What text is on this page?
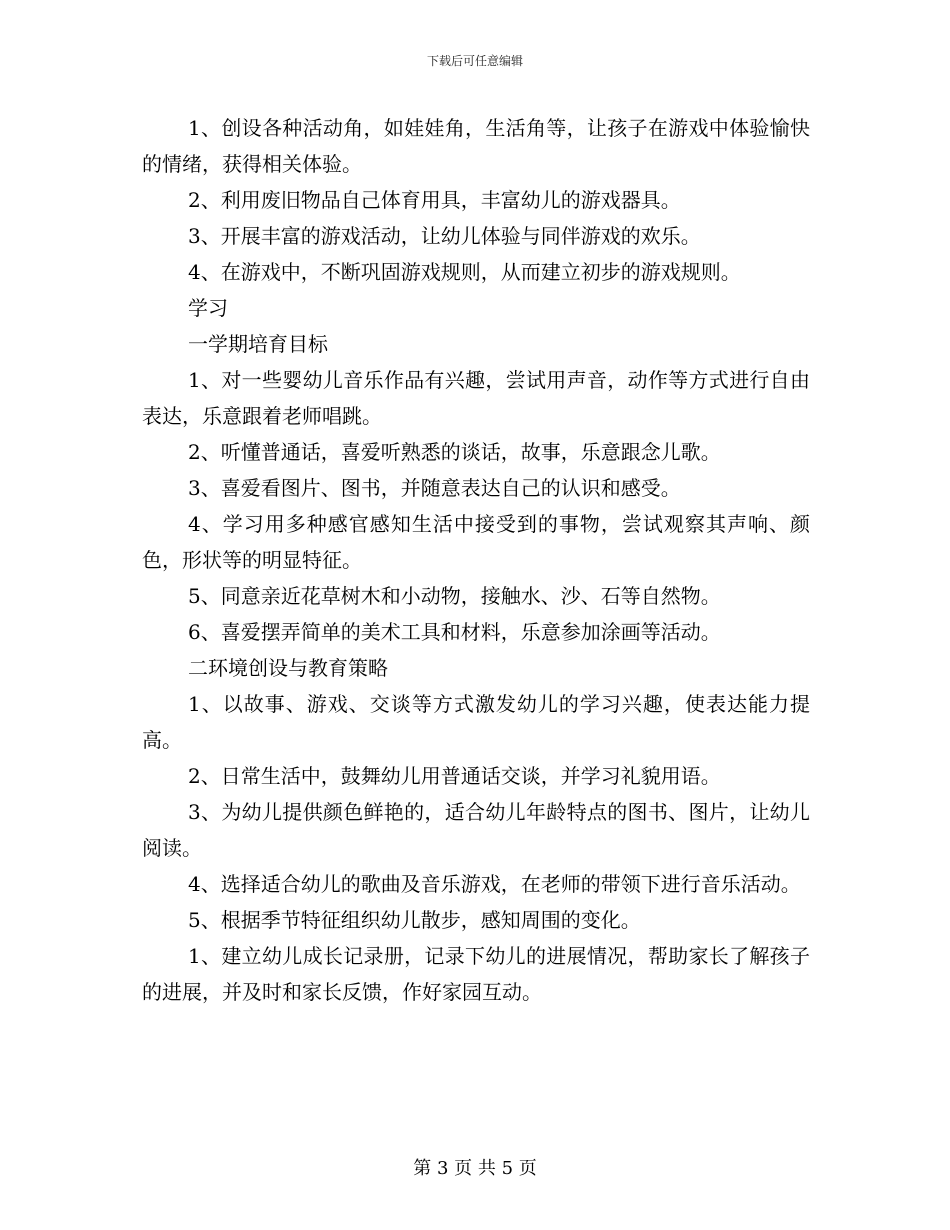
下载后可任意编辑

1、创设各种活动角，如娃娃角，生活角等，让孩子在游戏中体验愉快的情绪，获得相关体验。

2、利用废旧物品自己体育用具，丰富幼儿的游戏器具。

3、开展丰富的游戏活动，让幼儿体验与同伴游戏的欢乐。

4、在游戏中，不断巩固游戏规则，从而建立初步的游戏规则。

学习

一学期培育目标

1、对一些婴幼儿音乐作品有兴趣，尝试用声音，动作等方式进行自由表达，乐意跟着老师唱跳。

2、听懂普通话，喜爱听熟悉的谈话，故事，乐意跟念儿歌。

3、喜爱看图片、图书，并随意表达自己的认识和感受。

4、学习用多种感官感知生活中接受到的事物，尝试观察其声响、颜色，形状等的明显特征。

5、同意亲近花草树木和小动物，接触水、沙、石等自然物。

6、喜爱摆弄简单的美术工具和材料，乐意参加涂画等活动。

二环境创设与教育策略

1、以故事、游戏、交谈等方式激发幼儿的学习兴趣，使表达能力提高。

2、日常生活中，鼓舞幼儿用普通话交谈，并学习礼貌用语。

3、为幼儿提供颜色鲜艳的，适合幼儿年龄特点的图书、图片，让幼儿阅读。

4、选择适合幼儿的歌曲及音乐游戏，在老师的带领下进行音乐活动。

5、根据季节特征组织幼儿散步，感知周围的变化。

1、建立幼儿成长记录册，记录下幼儿的进展情况，帮助家长了解孩子的进展，并及时和家长反馈，作好家园互动。

第 3 页 共 5 页
